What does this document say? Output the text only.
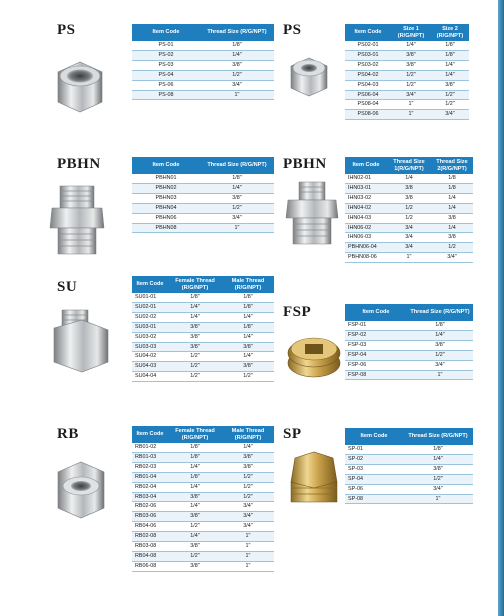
PS	PS
PBHN	PBHN
SU
FSP
RB	SP
Item Code	Thread Size (R/G/NPT)
PS-01	1/8"
PS-02	1/4"
PS-03	3/8"
PS-04	1/2"
PS-06	3/4"
PS-08	1"
Item Code	Size 1 (R/G/NPT)	Size 2 (R/G/NPT)
PS02-01	1/4"	1/8"
PS03-01	3/8"	1/8"
PS03-02	3/8"	1/4"
PS04-02	1/2"	1/4"
PS04-03	1/2"	3/8"
PS06-04	3/4"	1/2"
PS08-04	1"	1/2"
PS08-06	1"	3/4"
Item Code	Thread Size (R/G/NPT)
PBHN01	1/8"
PBHN02	1/4"
PBHN03	3/8"
PBHN04	1/2"
PBHN06	3/4"
PBHN08	1"
Item Code	Thread Size 1(R/G/NPT)	Thread Size 2(R/G/NPT)
IHN02-01	1/4	1/8
IHN03-01	3/8	1/8
IHN03-02	3/8	1/4
IHN04-02	1/2	1/4
IHN04-03	1/2	3/8
IHN06-02	3/4	1/4
IHN06-03	3/4	3/8
PBHN06-04	3/4	1/2
PBHN08-06	1"	3/4"
Item Code	Female Thread (R/G/NPT)	Male Thread (R/G/NPT)
SU01-01	1/8"	1/8"
SU02-01	1/4"	1/8"
SU02-02	1/4"	1/4"
SU03-01	3/8"	1/8"
SU03-02	3/8"	1/4"
SU03-03	3/8"	3/8"
SU04-02	1/2"	1/4"
SU04-03	1/2"	3/8"
SU04-04	1/2"	1/2"
Item Code	Thread Size (R/G/NPT)
FSP-01	1/8"
FSP-02	1/4"
FSP-03	3/8"
FSP-04	1/2"
FSP-06	3/4"
FSP-08	1"
Item Code	Female Thread (R/G/NPT)	Male Thread (R/G/NPT)
RB01-02	1/8"	1/4"
RB01-03	1/8"	3/8"
RB02-03	1/4"	3/8"
RB01-04	1/8"	1/2"
RB02-04	1/4"	1/2"
RB03-04	3/8"	1/2"
RB02-06	1/4"	3/4"
RB03-06	3/8"	3/4"
RB04-06	1/2"	3/4"
RB02-08	1/4"	1"
RB03-08	3/8"	1"
RB04-08	1/2"	1"
RB06-08	3/8"	1"
Item Code	Thread Size (R/G/NPT)
SP-01	1/8"
SP-02	1/4"
SP-03	3/8"
SP-04	1/2"
SP-06	3/4"
SP-08	1"
